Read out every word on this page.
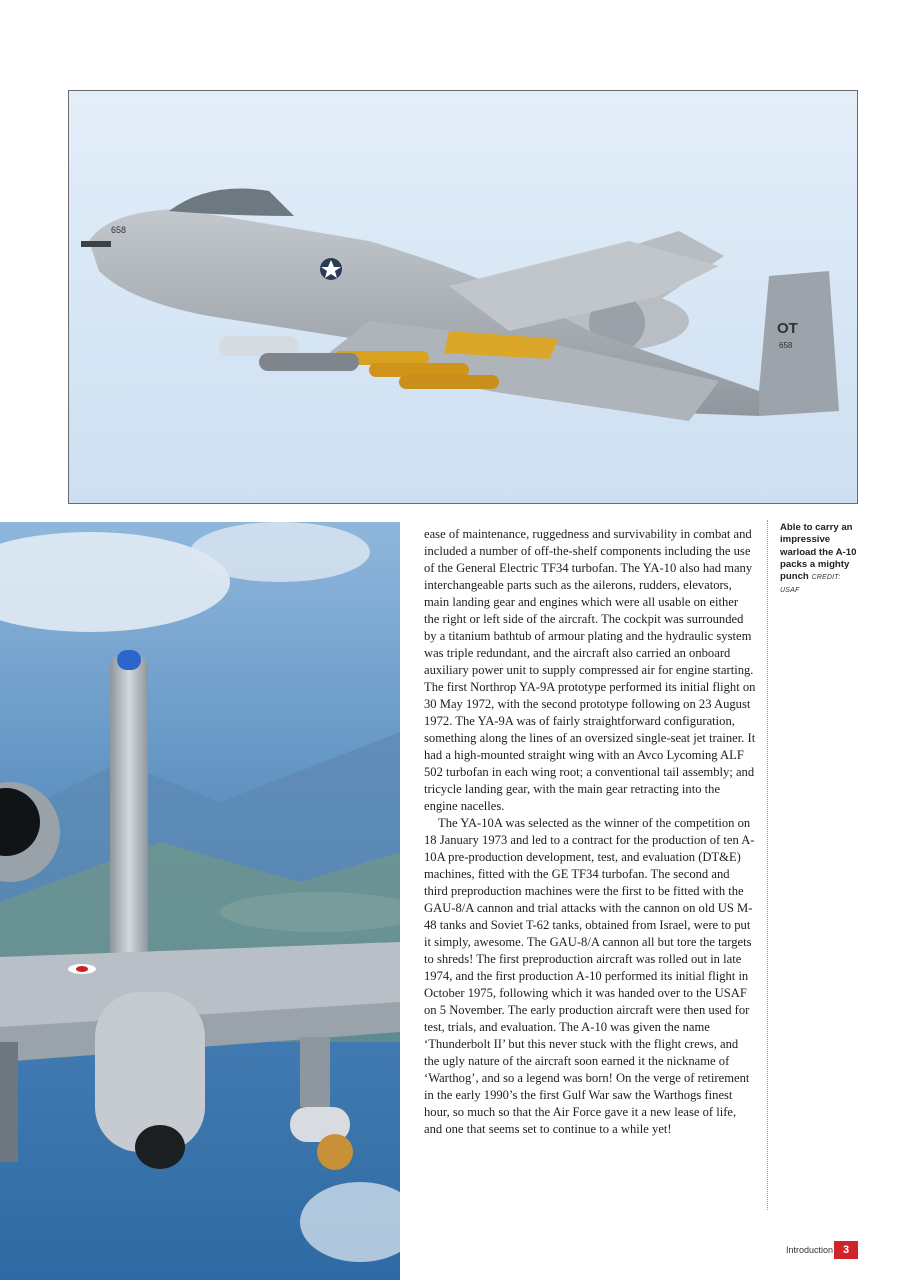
OT
658
658

ease of maintenance, ruggedness and survivability in combat and included a number of off-the-shelf components including the use of the General Electric TF34 turbofan. The YA-10 also had many interchangeable parts such as the ailerons, rudders, elevators, main landing gear and engines which were all usable on either the right or left side of the aircraft. The cockpit was surrounded by a titanium bathtub of armour plating and the hydraulic system was triple redundant, and the aircraft also carried an onboard auxiliary power unit to supply compressed air for engine starting. The first Northrop YA-9A prototype performed its initial flight on 30 May 1972, with the second prototype following on 23 August 1972. The YA-9A was of fairly straightforward configuration, something along the lines of an oversized single-seat jet trainer. It had a high-mounted straight wing with an Avco Lycoming ALF 502 turbofan in each wing root; a conventional tail assembly; and tricycle landing gear, with the main gear retracting into the engine nacelles.

The YA-10A was selected as the winner of the competition on 18 January 1973 and led to a contract for the production of ten A-10A pre-production development, test, and evaluation (DT&E) machines, fitted with the GE TF34 turbofan. The second and third preproduction machines were the first to be fitted with the GAU-8/A cannon and trial attacks with the cannon on old US M-48 tanks and Soviet T-62 tanks, obtained from Israel, were to put it simply, awesome. The GAU-8/A cannon all but tore the targets to shreds! The first preproduction aircraft was rolled out in late 1974, and the first production A-10 performed its initial flight in October 1975, following which it was handed over to the USAF on 5 November. The early production aircraft were then used for test, trials, and evaluation. The A-10 was given the name ‘Thunderbolt II’ but this never stuck with the flight crews, and the ugly nature of the aircraft soon earned it the nickname of ‘Warthog’, and so a legend was born! On the verge of retirement in the early 1990’s the first Gulf War saw the Warthogs finest hour, so much so that the Air Force gave it a new lease of life, and one that seems set to continue to a while yet!

Able to carry an impressive warload the A-10 packs a mighty punch CREDIT: USAF
Introduction 3
